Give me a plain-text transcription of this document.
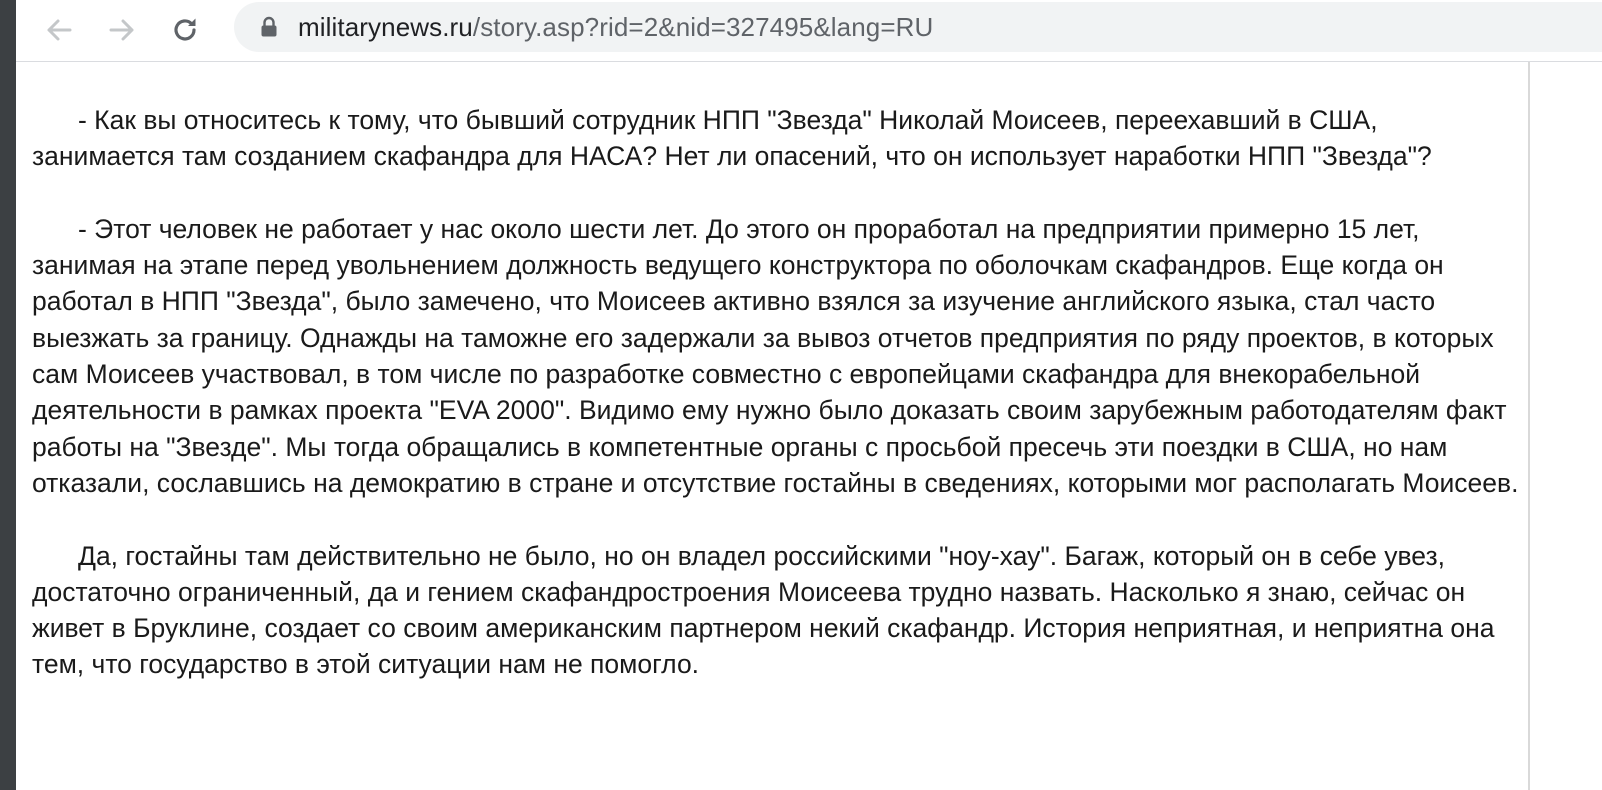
militarynews.ru/story.asp?rid=2&nid=327495&lang=RU

- Как вы относитесь к тому, что бывший сотрудник НПП "Звезда" Николай Моисеев, переехавший в США, занимается там созданием скафандра для НАСА? Нет ли опасений, что он использует наработки НПП "Звезда"?

- Этот человек не работает у нас около шести лет. До этого он проработал на предприятии примерно 15 лет, занимая на этапе перед увольнением должность ведущего конструктора по оболочкам скафандров. Еще когда он работал в НПП "Звезда", было замечено, что Моисеев активно взялся за изучение английского языка, стал часто выезжать за границу. Однажды на таможне его задержали за вывоз отчетов предприятия по ряду проектов, в которых сам Моисеев участвовал, в том числе по разработке совместно с европейцами скафандра для внекорабельной деятельности в рамках проекта "EVA 2000". Видимо ему нужно было доказать своим зарубежным работодателям факт работы на "Звезде". Мы тогда обращались в компетентные органы с просьбой пресечь эти поездки в США, но нам отказали, сославшись на демократию в стране и отсутствие гостайны в сведениях, которыми мог располагать Моисеев.

Да, гостайны там действительно не было, но он владел российскими "ноу-хау". Багаж, который он в себе увез, достаточно ограниченный, да и гением скафандростроения Моисеева трудно назвать. Насколько я знаю, сейчас он живет в Бруклине, создает со своим американским партнером некий скафандр. История неприятная, и неприятна она тем, что государство в этой ситуации нам не помогло.
